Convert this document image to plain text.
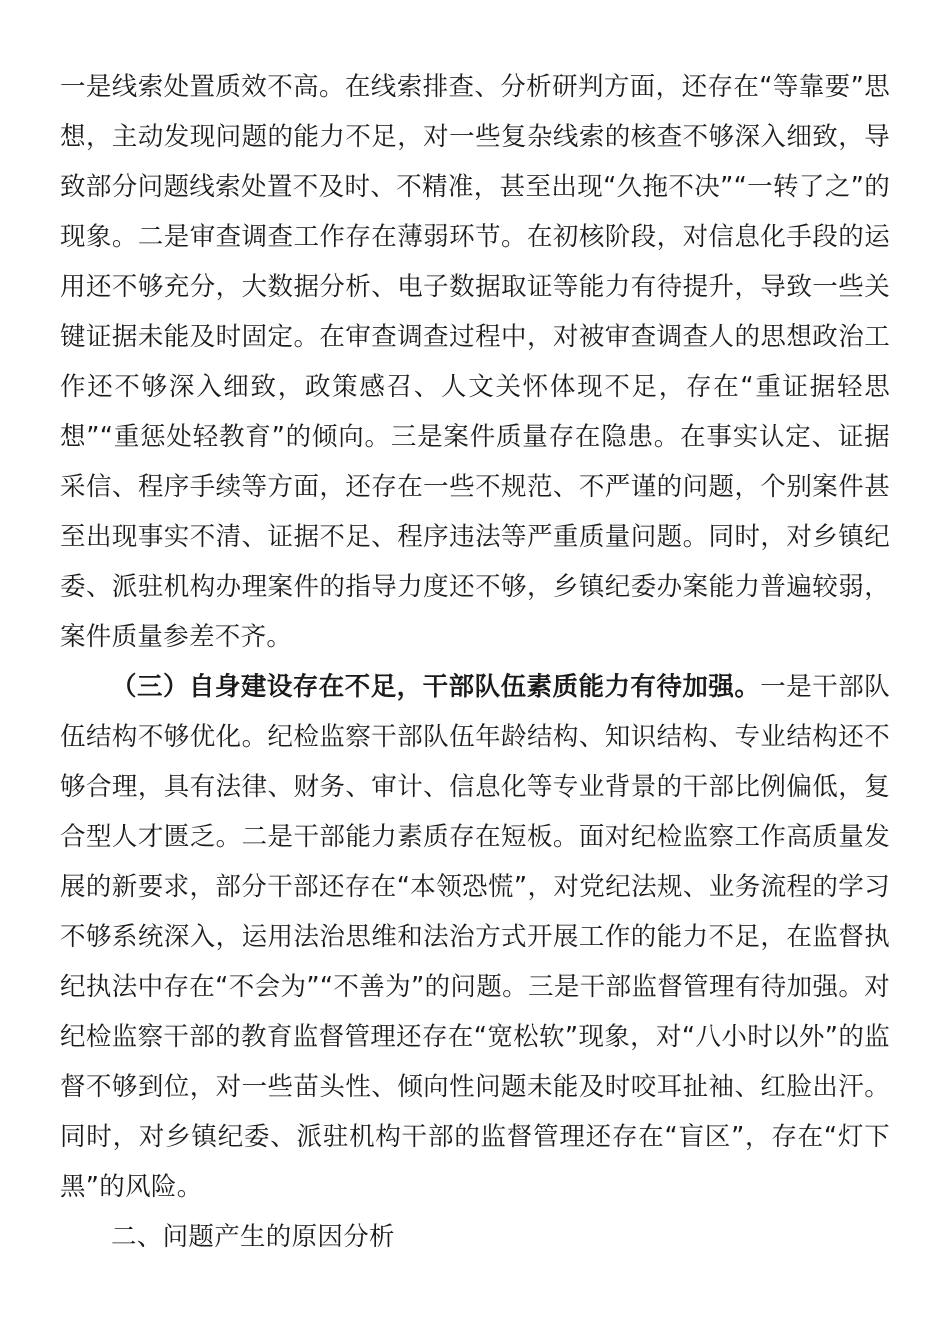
一是线索处置质效不高。在线索排查、分析研判方面，还存在“等靠要”思想，主动发现问题的能力不足，对一些复杂线索的核查不够深入细致，导致部分问题线索处置不及时、不精准，甚至出现“久拖不决”“一转了之”的现象。二是审查调查工作存在薄弱环节。在初核阶段，对信息化手段的运用还不够充分，大数据分析、电子数据取证等能力有待提升，导致一些关键证据未能及时固定。在审查调查过程中，对被审查调查人的思想政治工作还不够深入细致，政策感召、人文关怀体现不足，存在“重证据轻思想”“重惩处轻教育”的倾向。三是案件质量存在隐患。在事实认定、证据采信、程序手续等方面，还存在一些不规范、不严谨的问题，个别案件甚至出现事实不清、证据不足、程序违法等严重质量问题。同时，对乡镇纪委、派驻机构办理案件的指导力度还不够，乡镇纪委办案能力普遍较弱，案件质量参差不齐。

（三）自身建设存在不足，干部队伍素质能力有待加强。一是干部队伍结构不够优化。纪检监察干部队伍年龄结构、知识结构、专业结构还不够合理，具有法律、财务、审计、信息化等专业背景的干部比例偏低，复合型人才匮乏。二是干部能力素质存在短板。面对纪检监察工作高质量发展的新要求，部分干部还存在“本领恐慌”，对党纪法规、业务流程的学习不够系统深入，运用法治思维和法治方式开展工作的能力不足，在监督执纪执法中存在“不会为”“不善为”的问题。三是干部监督管理有待加强。对纪检监察干部的教育监督管理还存在“宽松软”现象，对“八小时以外”的监督不够到位，对一些苗头性、倾向性问题未能及时咬耳扯袖、红脸出汗。同时，对乡镇纪委、派驻机构干部的监督管理还存在“盲区”，存在“灯下黑”的风险。

二、问题产生的原因分析
